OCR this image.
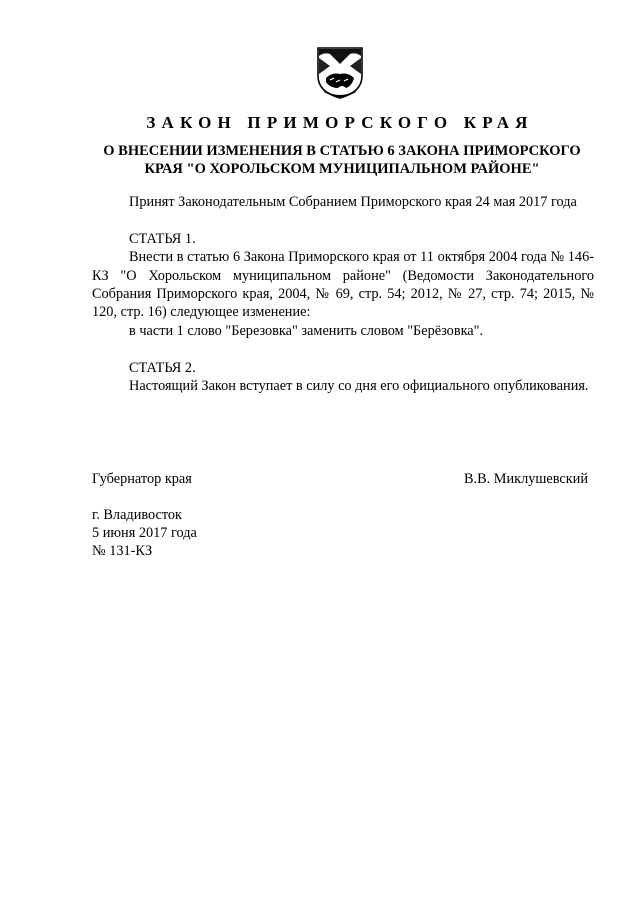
ЗАКОН ПРИМОРСКОГО КРАЯ
О ВНЕСЕНИИ ИЗМЕНЕНИЯ В СТАТЬЮ 6 ЗАКОНА ПРИМОРСКОГО
КРАЯ "О ХОРОЛЬСКОМ МУНИЦИПАЛЬНОМ РАЙОНЕ"

Принят Законодательным Собранием Приморского края 24 мая 2017 года

СТАТЬЯ 1.

Внести в статью 6 Закона Приморского края от 11 октября 2004 года № 146-КЗ "О Хорольском муниципальном районе" (Ведомости Законодательного Собрания Приморского края, 2004, № 69, стр. 54; 2012, № 27, стр. 74; 2015, № 120, стр. 16) следующее изменение:

в части 1 слово "Березовка" заменить словом "Берёзовка".

СТАТЬЯ 2.

Настоящий Закон вступает в силу со дня его официального опубликования.

Губернатор края	В.В. Миклушевский
г. Владивосток
5 июня 2017 года
№ 131-КЗ
